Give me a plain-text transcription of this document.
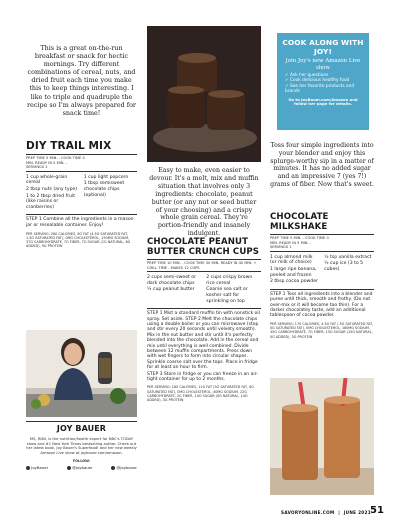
This is a great on-the-run breakfast or snack for hectic mornings. Try different combinations of cereal, nuts, and dried fruit each time you make this to keep things interesting. I like to triple and quadruple the recipe so I'm always prepared for snack time!
DIY TRAIL MIX
PREP TIME 5 MIN. - COOK TIME 0 MIN. READY IN 5 MIN. - SERVINGS 1

1 cup whole-grain cereal

2 tbsp nuts (any type)

1 to 2 tbsp dried fruit (like raisins or cranberries)

1 cup light popcorn

1 tbsp semisweet chocolate chips (optional)

STEP 1 Combine all the ingredients in a mason jar or resealable container. Enjoy!
PER SERVING: 260 CALORIES, 9G FAT (4.5G SATURATED FAT, 1.5G SATURATED FAT), 0MG CHOLESTEROL, 190MG SODIUM, 37G CARBOHYDRATE, 7G FIBER, 7G SUGAR (1G NATURAL, 6G ADDED), 9G PROTEIN
JOY BAUER
MS, RDN, is the nutrition/health expert for NBC's TODAY show and #1 New York Times bestselling author. Check out her latest book, Joy Bauer's Superfood! and her new weekly Amazon Live show at joybauer.com/amazon.
FOLLOW:
JoyBauer	@joybauer	@joybauer
Easy to make, even easier to devour. It's a melt, mix and muffin situation that involves only 3 ingredients: chocolate, peanut butter (or any nut or seed butter of your choosing) and a crispy whole grain cereal. They're portion-friendly and insanely indulgent.
CHOCOLATE PEANUT BUTTER CRUNCH CUPS
PREP TIME 10 MIN. - COOK TIME 30 MIN. READY IN 40 MIN. + CHILL TIME - MAKES 12 CUPS

2 cups semi-sweet or dark chocolate chips

¼ cup peanut butter

2 cups crispy brown rice cereal

Coarse sea salt or kosher salt for sprinkling on top

STEP 1 Mist a standard muffin tin with nonstick oil spray. Set aside. STEP 2 Melt the chocolate chips using a double boiler or you can microwave (stop and stir every 20 seconds until velvety smooth). Mix in the nut butter and stir until it's perfectly blended into the chocolate. Add in the cereal and mix until everything is well combined. Divide between 12 muffin compartments. Press down with wet fingers to form into circular shapes. Sprinkle coarse salt over the tops. Place in fridge for at least an hour to firm.
STEP 3 Store in fridge or you can freeze in an air-tight container for up to 2 months.
PER SERVING: 180 CALORIES, 11G FAT (5G SATURATED FAT, 6G SATURATED FAT), 0MG CHOLESTEROL, 40MG SODIUM, 22G CARBOHYDRATE, 2G FIBER, 14G SUGAR (0G NATURAL, 14G ADDED), 3G PROTEIN
COOK ALONG WITH JOY!
Join Joy's new Amazon Live show
✓ Ask her questions
✓ Cook delicious healthy food
✓ See her favorite products and brands
Go to JoyBauer.com/Amazon and follow her page for details.
Toss four simple ingredients into your blender and enjoy this splurge-worthy sip in a matter of minutes. It has no added sugar and an impressive 7 (yes 7!) grams of fiber. Now that's sweet.
CHOCOLATE MILKSHAKE
PREP TIME 5 MIN. - COOK TIME 0 MIN. READY IN 5 MIN. - SERVINGS 1

1 cup almond milk (or milk of choice)

1 large ripe banana, peeled and frozen

2 tbsp cocoa powder

½ tsp vanilla extract

½ cup ice (3 to 5 cubes)

STEP 1 Toss all ingredients into a blender and puree until thick, smooth and frothy. (Do not over-mix or it will become too thin). For a darker chocolatey taste, add an additional tablespoon of cocoa powder.
PER SERVING: 170 CALORIES, 4.5G FAT (.5G SATURATED FAT, 0G SATURATED FAT), 0MG CHOLESTEROL, 180MG SODIUM, 35G CARBOHYDRATE, 7G FIBER, 15G SUGAR (15G NATURAL, 0G ADDED), 5G PROTEIN
SAVORYONLINE.COM | JUNE 2021 51
